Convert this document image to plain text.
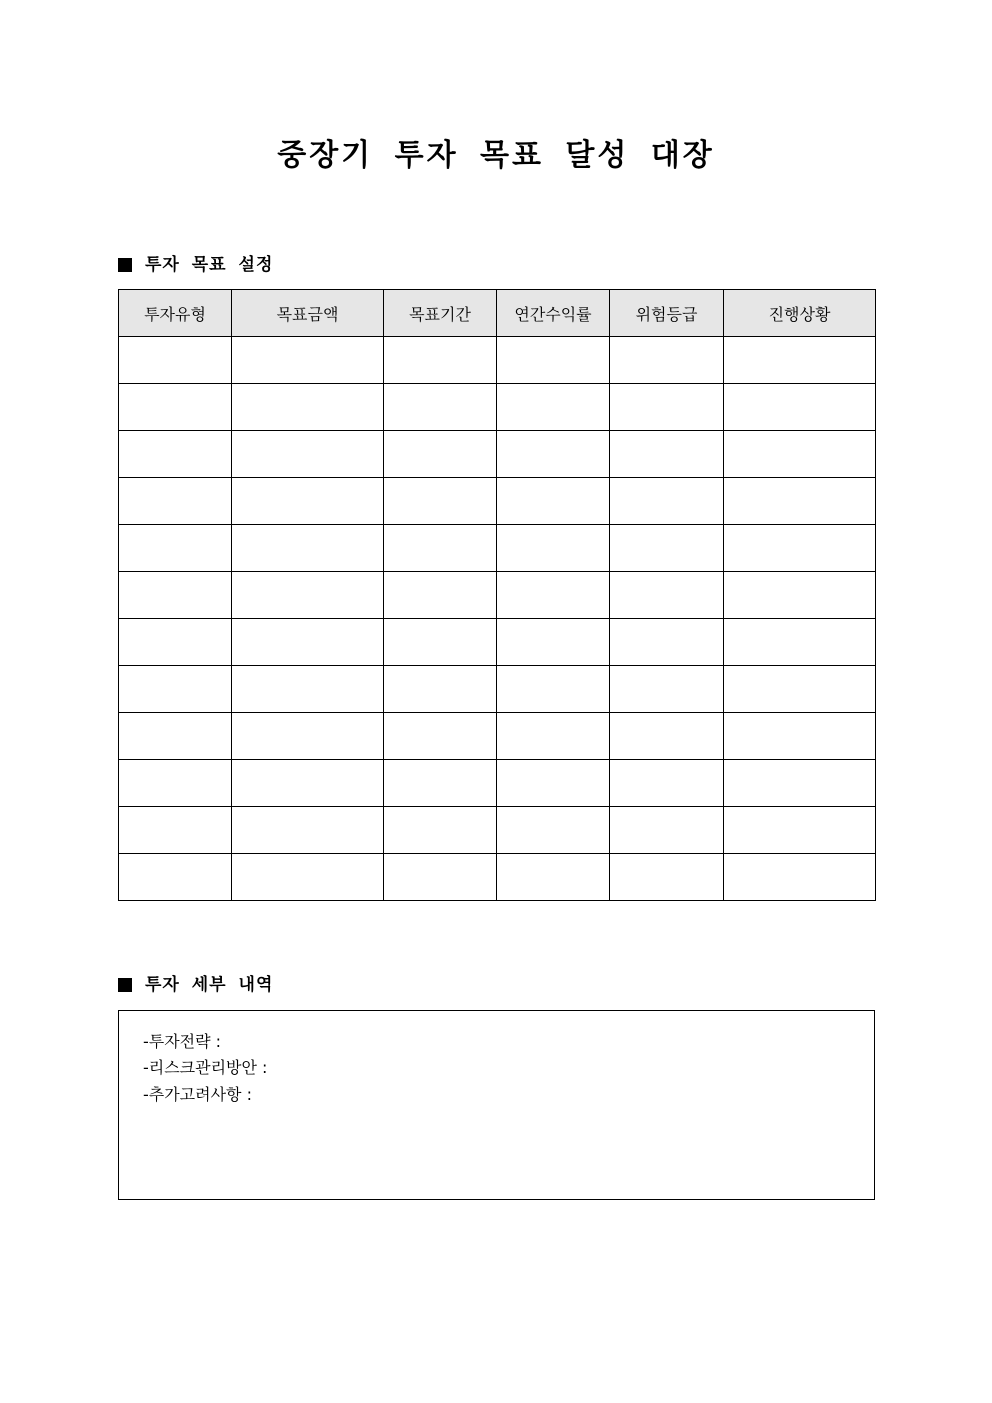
중장기 투자 목표 달성 대장
투자 목표 설정
투자유형	목표금액	목표기간	연간수익률	위험등급	진행상황

투자 세부 내역
-투자전략 :
-리스크관리방안 :
-추가고려사항 :
